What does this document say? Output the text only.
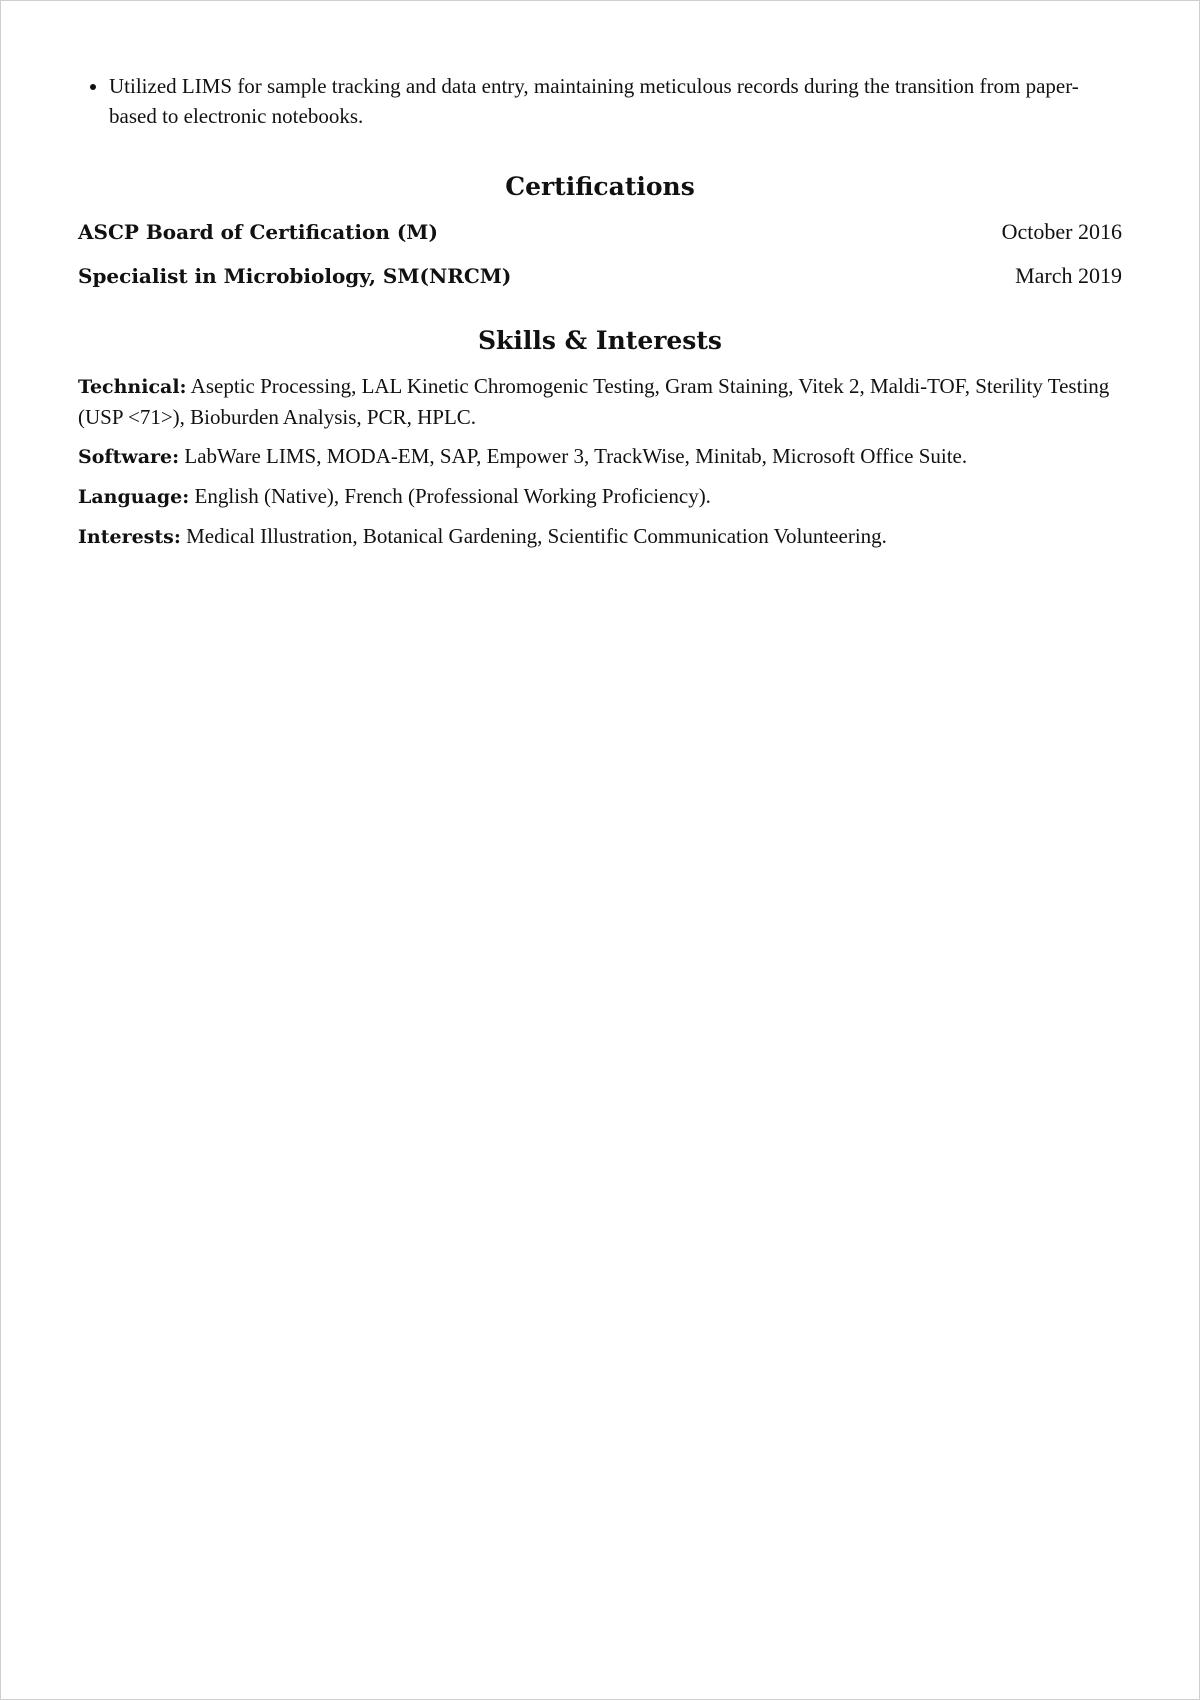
• Utilized LIMS for sample tracking and data entry, maintaining meticulous records during the transition from paper-based to electronic notebooks.
Certifications
ASCP Board of Certification (M)	October 2016
Specialist in Microbiology, SM(NRCM)	March 2019
Skills & Interests

Technical: Aseptic Processing, LAL Kinetic Chromogenic Testing, Gram Staining, Vitek 2, Maldi-TOF, Sterility Testing (USP <71>), Bioburden Analysis, PCR, HPLC.

Software: LabWare LIMS, MODA-EM, SAP, Empower 3, TrackWise, Minitab, Microsoft Office Suite.

Language: English (Native), French (Professional Working Proficiency).

Interests: Medical Illustration, Botanical Gardening, Scientific Communication Volunteering.
